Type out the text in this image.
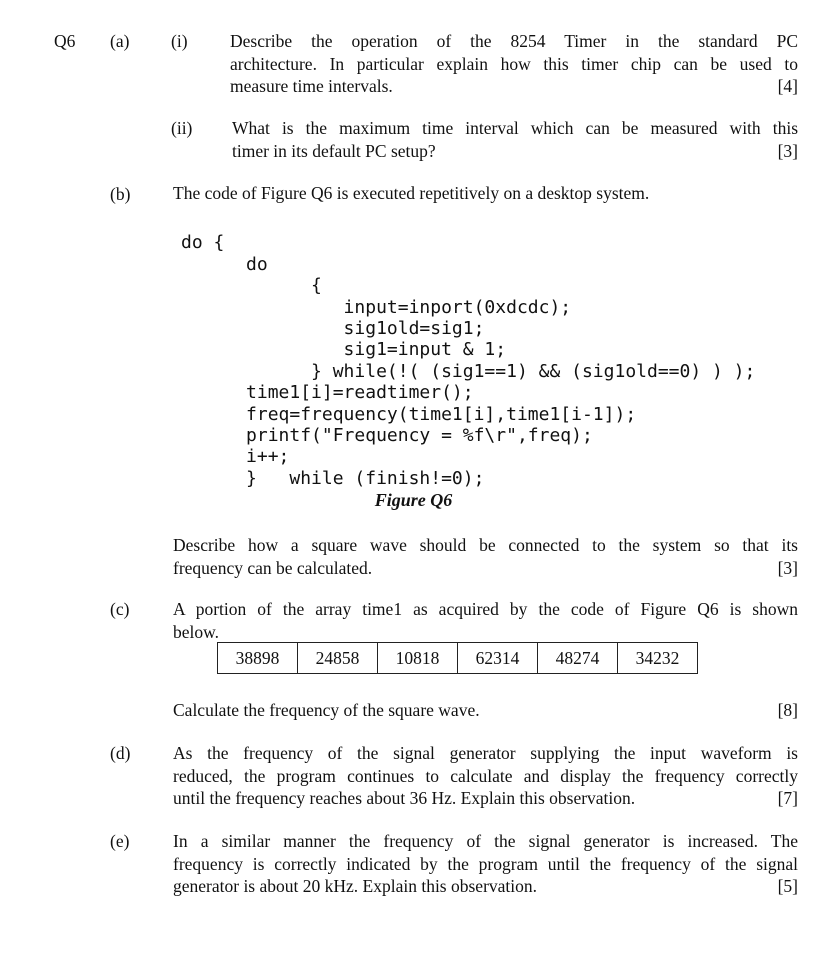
Q6 (a) (i) Describe the operation of the 8254 Timer in the standard PC
architecture. In particular explain how this timer chip can be used to
measure time intervals.	[4]
(ii) What is the maximum time interval which can be measured with this
timer in its default PC setup?	[3]
(b) The code of Figure Q6 is executed repetitively on a desktop system.

do {
do
{
input=inport(0xdcdc);
sig1old=sig1;
sig1=input & 1;
} while(!( (sig1==1) && (sig1old==0) ) );
time1[i]=readtimer();
freq=frequency(time1[i],time1[i-1]);
printf("Frequency = %f\r",freq);
i++;
}   while (finish!=0);

Figure Q6
Describe how a square wave should be connected to the system so that its
frequency can be calculated.	[3]
(c) A portion of the array time1 as acquired by the code of Figure Q6 is shown
below.
38898	24858	10818	62314	48274	34232
Calculate the frequency of the square wave.	[8]
(d) As the frequency of the signal generator supplying the input waveform is
reduced, the program continues to calculate and display the frequency correctly
until the frequency reaches about 36 Hz. Explain this observation.	[7]
(e) In a similar manner the frequency of the signal generator is increased. The
frequency is correctly indicated by the program until the frequency of the signal
generator is about 20 kHz. Explain this observation.	[5]
